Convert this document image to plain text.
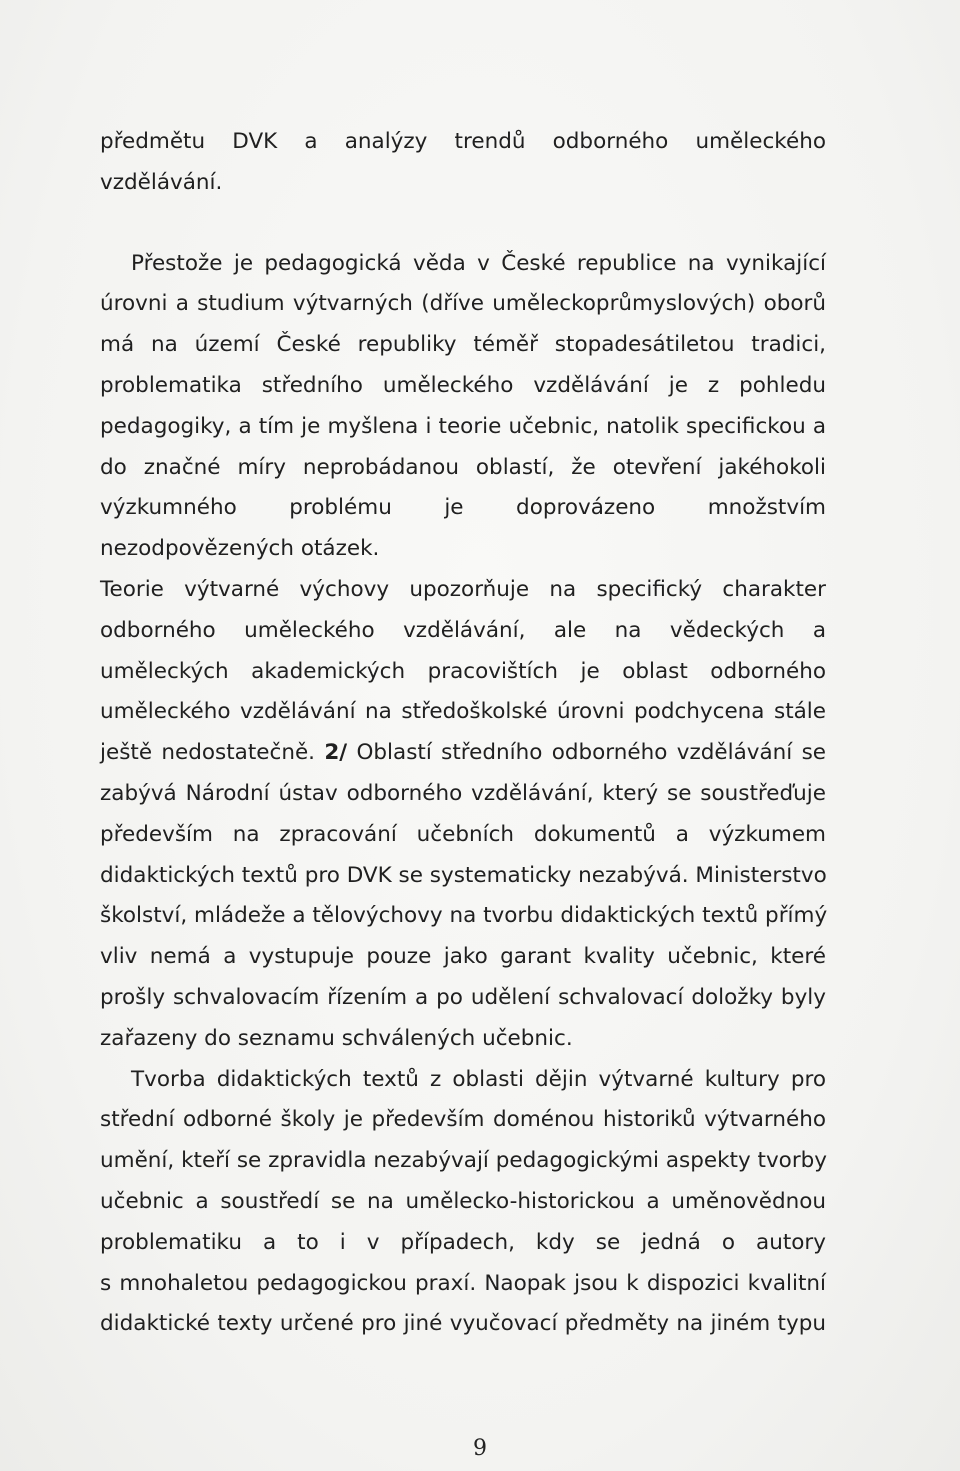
předmětu DVK a analýzy trendů odborného uměleckého
vzdělávání.

Přestože je pedagogická věda v České republice na vynikající
úrovni a studium výtvarných (dříve uměleckoprůmyslových) oborů
má na území České republiky téměř stopadesátiletou tradici,
problematika středního uměleckého vzdělávání je z pohledu
pedagogiky, a tím je myšlena i teorie učebnic, natolik specifickou a
do značné míry neprobádanou oblastí, že otevření jakéhokoli
výzkumného problému je doprovázeno množstvím
nezodpovězených otázek.

Teorie výtvarné výchovy upozorňuje na specifický charakter
odborného uměleckého vzdělávání, ale na vědeckých a
uměleckých akademických pracovištích je oblast odborného
uměleckého vzdělávání na středoškolské úrovni podchycena stále
ještě nedostatečně. 2/ Oblastí středního odborného vzdělávání se
zabývá Národní ústav odborného vzdělávání, který se soustřeďuje
především na zpracování učebních dokumentů a výzkumem
didaktických textů pro DVK se systematicky nezabývá. Ministerstvo
školství, mládeže a tělovýchovy na tvorbu didaktických textů přímý
vliv nemá a vystupuje pouze jako garant kvality učebnic, které
prošly schvalovacím řízením a po udělení schvalovací doložky byly
zařazeny do seznamu schválených učebnic.

Tvorba didaktických textů z oblasti dějin výtvarné kultury pro
střední odborné školy je především doménou historiků výtvarného
umění, kteří se zpravidla nezabývají pedagogickými aspekty tvorby
učebnic a soustředí se na umělecko-historickou a uměnovědnou
problematiku a to i v případech, kdy se jedná o autory
s mnohaletou pedagogickou praxí. Naopak jsou k dispozici kvalitní
didaktické texty určené pro jiné vyučovací předměty na jiném typu

9
